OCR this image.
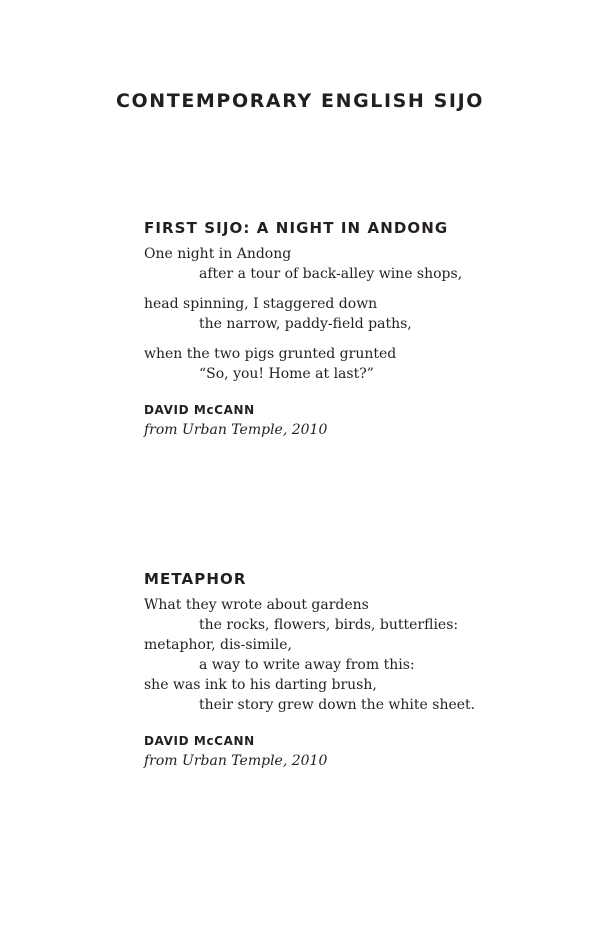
CONTEMPORARY ENGLISH SIJO
FIRST SIJO: A NIGHT IN ANDONG
One night in Andong
after a tour of back-alley wine shops,
head spinning, I staggered down
the narrow, paddy-field paths,
when the two pigs grunted grunted
“So, you! Home at last?”

DAVID McCANN

from Urban Temple, 2010

METAPHOR
What they wrote about gardens
the rocks, flowers, birds, butterflies:
metaphor, dis-simile,
a way to write away from this:
she was ink to his darting brush,
their story grew down the white sheet.

DAVID McCANN

from Urban Temple, 2010
